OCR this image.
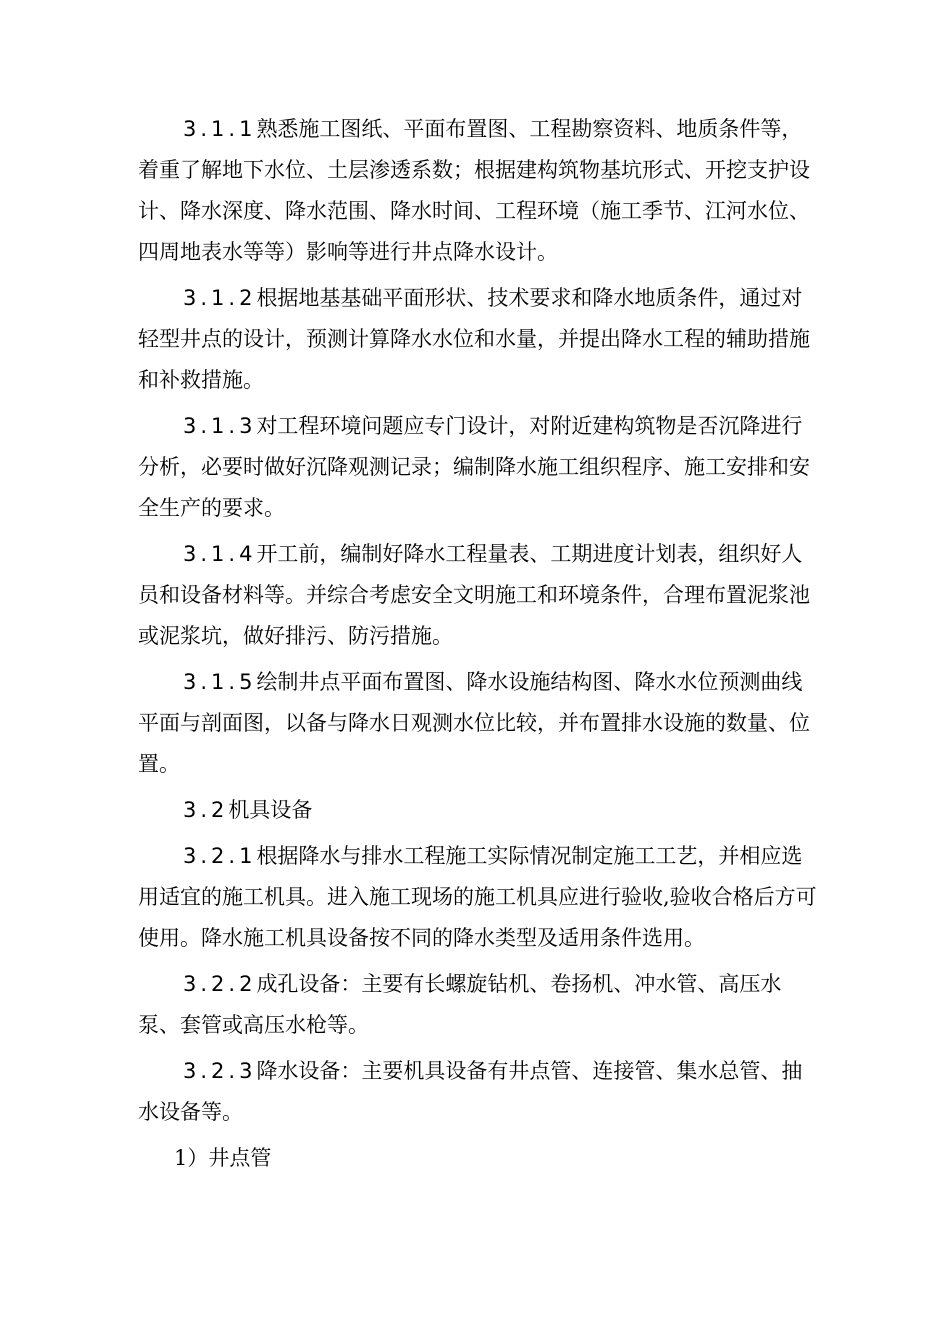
3.1.1熟悉施工图纸、平面布置图、工程勘察资料、地质条件等，着重了解地下水位、土层渗透系数；根据建构筑物基坑形式、开挖支护设计、降水深度、降水范围、降水时间、工程环境（施工季节、江河水位、四周地表水等等）影响等进行井点降水设计。

3.1.2根据地基基础平面形状、技术要求和降水地质条件，通过对轻型井点的设计，预测计算降水水位和水量，并提出降水工程的辅助措施和补救措施。

3.1.3对工程环境问题应专门设计，对附近建构筑物是否沉降进行分析，必要时做好沉降观测记录；编制降水施工组织程序、施工安排和安全生产的要求。

3.1.4开工前，编制好降水工程量表、工期进度计划表，组织好人员和设备材料等。并综合考虑安全文明施工和环境条件，合理布置泥浆池或泥浆坑，做好排污、防污措施。

3.1.5绘制井点平面布置图、降水设施结构图、降水水位预测曲线平面与剖面图，以备与降水日观测水位比较，并布置排水设施的数量、位置。

3.2机具设备

3.2.1根据降水与排水工程施工实际情况制定施工工艺，并相应选用适宜的施工机具。进入施工现场的施工机具应进行验收,验收合格后方可使用。降水施工机具设备按不同的降水类型及适用条件选用。

3.2.2成孔设备：主要有长螺旋钻机、卷扬机、冲水管、高压水泵、套管或高压水枪等。

3.2.3降水设备：主要机具设备有井点管、连接管、集水总管、抽水设备等。

1）井点管
